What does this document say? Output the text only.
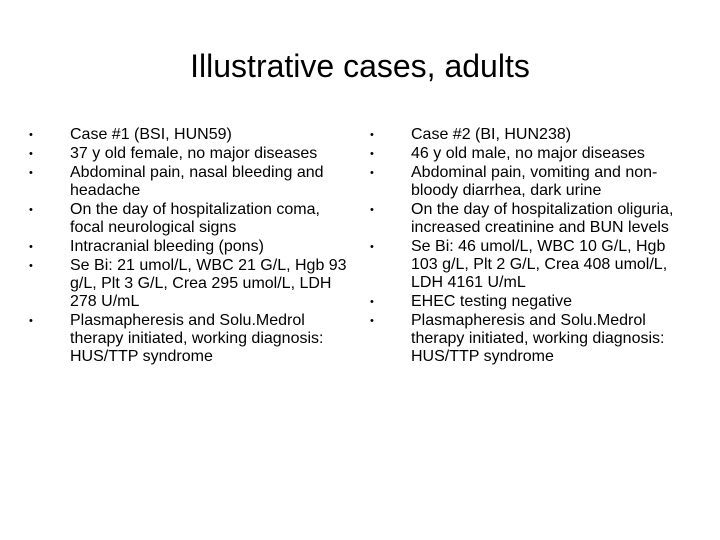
Illustrative cases, adults
• Case #1 (BSI, HUN59)
• 37 y old female, no major diseases
• Abdominal pain, nasal bleeding and headache
• On the day of hospitalization coma, focal neurological signs
• Intracranial bleeding (pons)
• Se Bi: 21 umol/L, WBC 21 G/L, Hgb 93 g/L, Plt 3 G/L, Crea 295 umol/L, LDH 278 U/mL
• Plasmapheresis and Solu.Medrol therapy initiated, working diagnosis: HUS/TTP syndrome
• Case #2 (BI, HUN238)
• 46 y old male, no major diseases
• Abdominal pain, vomiting and non-bloody diarrhea, dark urine
• On the day of hospitalization oliguria, increased creatinine and BUN levels
• Se Bi: 46 umol/L, WBC 10 G/L, Hgb 103 g/L, Plt 2 G/L, Crea 408 umol/L, LDH 4161 U/mL
• EHEC testing negative
• Plasmapheresis and Solu.Medrol therapy initiated, working diagnosis: HUS/TTP syndrome
